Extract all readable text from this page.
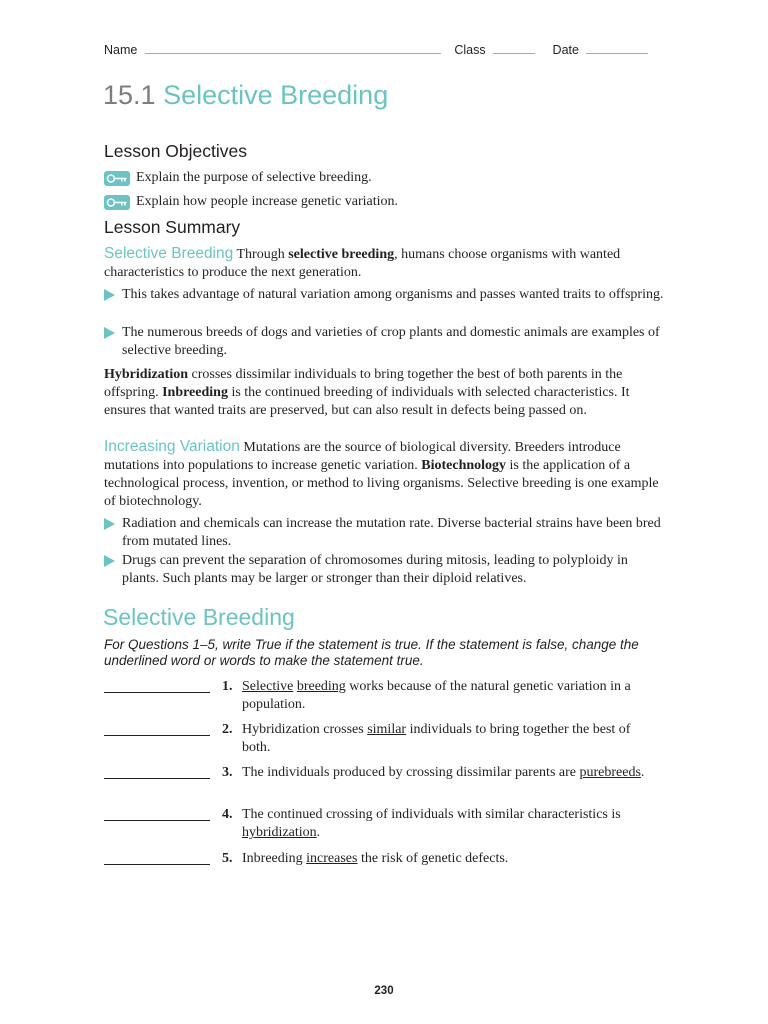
Name	Class	Date
15.1 Selective Breeding
Lesson Objectives
Explain the purpose of selective breeding.
Explain how people increase genetic variation.
Lesson Summary
Selective Breeding Through selective breeding, humans choose organisms with wanted characteristics to produce the next generation.
This takes advantage of natural variation among organisms and passes wanted traits to offspring.
The numerous breeds of dogs and varieties of crop plants and domestic animals are examples of selective breeding.
Hybridization crosses dissimilar individuals to bring together the best of both parents in the offspring. Inbreeding is the continued breeding of individuals with selected characteristics. It ensures that wanted traits are preserved, but can also result in defects being passed on.
Increasing Variation Mutations are the source of biological diversity. Breeders introduce mutations into populations to increase genetic variation. Biotechnology is the application of a technological process, invention, or method to living organisms. Selective breeding is one example of biotechnology.
Radiation and chemicals can increase the mutation rate. Diverse bacterial strains have been bred from mutated lines.
Drugs can prevent the separation of chromosomes during mitosis, leading to polyploidy in plants. Such plants may be larger or stronger than their diploid relatives.
Selective Breeding
For Questions 1–5, write True if the statement is true. If the statement is false, change the underlined word or words to make the statement true.
1. Selective breeding works because of the natural genetic variation in a population.
2. Hybridization crosses similar individuals to bring together the best of both.
3. The individuals produced by crossing dissimilar parents are purebreeds.
4. The continued crossing of individuals with similar characteristics is hybridization.
5. Inbreeding increases the risk of genetic defects.
230
